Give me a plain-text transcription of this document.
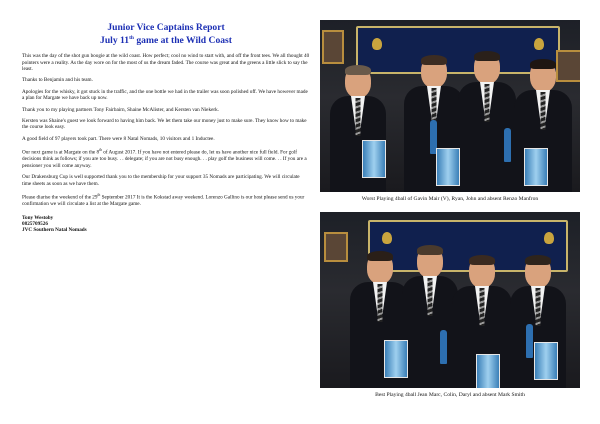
Junior Vice Captains Report
July 11th game at the Wild Coast

This was the day of the shot gun boogie at the wild coast. How perfect; cool no wind to start with, and off the front tees. We all thought 40 pointers were a reality. As the day wore on for the most of us the dream faded. The course was great and the greens a little slick to say the least.

Thanks to Benjamin and his team.

Apologies for the whisky, it got stuck in the traffic, and the one bottle we had in the trailer was soon polished off. We have however made a plan for Margate we have back up now.

Thank you to my playing partners Tony Fairbairn, Shaine McAlister, and Kersten van Niekerk.

Kersten was Shaine's guest we look forward to having him back. We let them take our money just to make sure. They know how to make the course look easy.

A good field of 97 players took part. There were 8 Natal Nomads, 10 visitors and 1 Inductee.

Our next game is at Margate on the 8th of August 2017. If you have not entered please do, let us have another nice full field. For golf decisions think as follows; if you are too busy. . . delegate; if you are not busy enough. . . play golf the business will come. . . If you are a pensioner you will come anyway.

Our Drakensburg Cup is well supported thank you to the membership for your support 35 Nomads are participating. We will circulate time sheets as soon as we have them.

Please diarise the weekend of the 29th September 2017 It is the Kokstad away weekend. Lorenzo Gallino is our host please send us your confirmation we will circulate a list at the Margate game.

Tony Westoby
0825709526
JVC Southern Natal Nomads
Worst Playing 4ball of Gavin Mair (V), Ryan, John and absent Renzo Manfron
Best Playing 4ball Jean Marc, Colin, Daryl and absent Mark Smith
